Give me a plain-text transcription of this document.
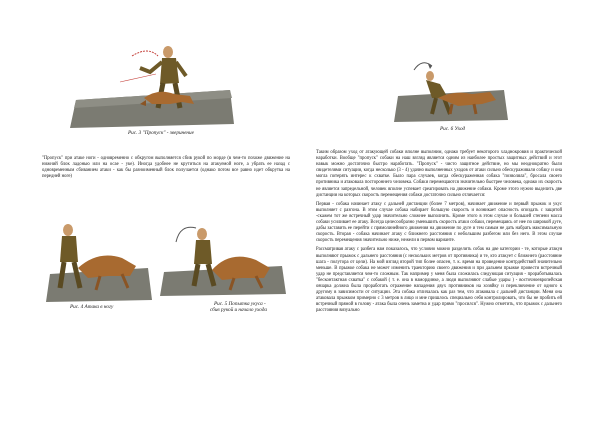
Рис. 3 "Пропуск" - зверинение
Рис. 6 Уход

"Пропуск" при атаке ноги - одновременно с обкругом выполняется сбив рукой по морде (в чем-то похоже движение на нижний блок ладонью или на осае - уке). Иногда удобнее не крутиться на атакуемой ноге, а убрать ее назад с одновременным сбиванием атаки - как бы разноименный блок получается (однако потом все равно идет обкрутка на передней ноге)

Рис. 4 Атака в ногу	Рис. 5 Попытка укуса -
сбив рукой и начало ухода

Таким образом уход от атакующей собаки вполне выполним, однако требует некоторого хладнокровия и практической наработки. Вообще "пропуск" собаки на наш взгляд является одним из наиболее простых защитных действий и этот навык можно достаточно быстро наработать. "Пропуск" - чисто защитное действие, но мы неоднократно были свидетелями ситуации, когда несколько (3 - 4) удачно выполненных уходов от атаки сильно обескураживали собаку и она могла потерять интерес к схватке. Было пара случаев, когда обескураженная собака "позволяла", бросала своего противника и атаковала постороннего человека. Собаки перемещаются значительно быстрее человека, однако их скорость не является запредельной, человек вполне успевает среагировать на движение собаки. Кроме этого нужно выделить две дистанции на которых скорость перемещения собаки достаточно сильно отличается:

Первая - собака начинает атаку с дальней дистанции (более 7 метров), начинает движение и первый прыжок и укус выполняет с разгона. В этом случае собака набирает большую скорость и возникает опасность опоздать с защитой -скажем тот же встречный удар значительно сложнее выполнить. Кроме этого в этом случае и большей степени масса собаки усиливает ее атаку. Всегда целесообразно уменьшить скорость атаки собаки, перемещаясь от нее по широкой дуге, дабы заставить ее перейти с прямолинейного движения на движение по дуге и тем самым не дать набрать максимальную скорость. Вторая - собака начинает атаку с ближнего расстояния с небольшим разбегом или без него. В этом случае скорость перемещения значительно ниже, нежели в первом варианте.

Рассматривая атаку с разбега нам показалось, что условно можно разделить собак на две категории - те, которые атакуя выполняют прыжок с дальнего расстояния (с нескольких метров от противника) и те, кто атакует с ближнего (расстояние шага - полутора от цели). На мой взгляд второй тип более опасен, т. к. время на проведение контрдействий значительно меньше. В прыжке собака не может изменить траекторию своего движения и при дальнем прыжке провести встречный удар не представляется чем-то сложным. Так например у меня была сложилась следующая ситуация - проработывалась "бесконтактная схватка" с собакой ( т. е. она в намординке, а люди выполняют слабые удары ) - восточноевропейская овчарка должна была проработать отражение нападения двух противников на хозяйку и переключение от одного к другому в зависимости от ситуации. Эта собака отличалась как раз тем, что атаковала с дальней дистанции. Меня она атаковала прыжком примерно с 3 метров в лицо и мне пришлось специально себя контролировать, что бы не пробить ей встречный прямой в голову - атака была очень заметна и удар прямо "просился". Нужно отметить, что прыжок с дальнего расстояния визуально
